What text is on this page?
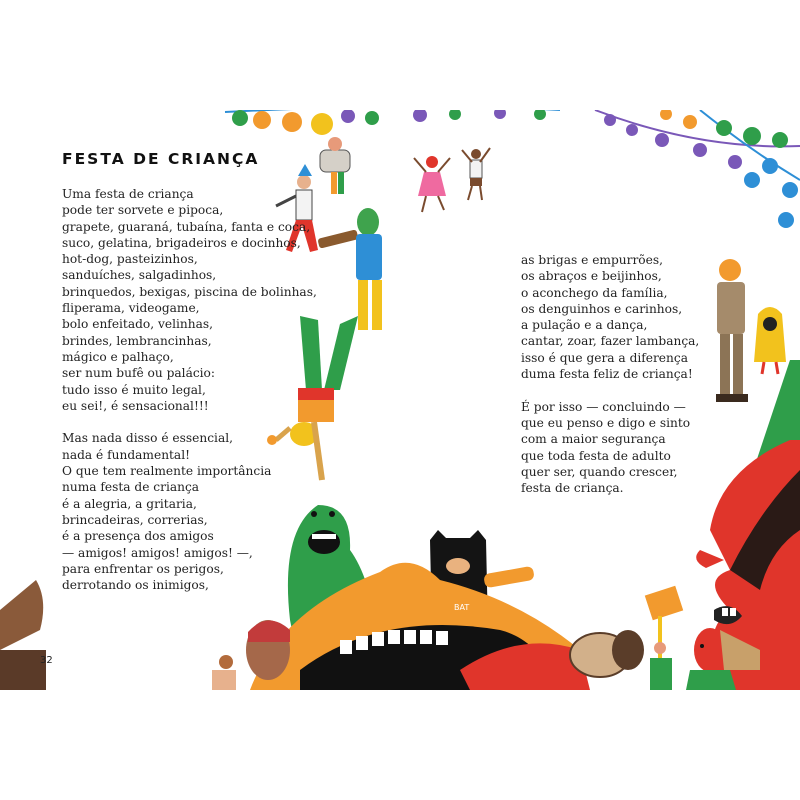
BAT
FESTA DE CRIANÇA
Uma festa de criança
pode ter sorvete e pipoca,
grapete, guaraná, tubaína, fanta e coca,
suco, gelatina, brigadeiros e docinhos,
hot-dog, pasteizinhos,
sanduíches, salgadinhos,
brinquedos, bexigas, piscina de bolinhas,
fliperama, videogame,
bolo enfeitado, velinhas,
brindes, lembrancinhas,
mágico e palhaço,
ser num bufê ou palácio:
tudo isso é muito legal,
eu sei!, é sensacional!!!
Mas nada disso é essencial,
nada é fundamental!
O que tem realmente importância
numa festa de criança
é a alegria, a gritaria,
brincadeiras, correrias,
é a presença dos amigos
— amigos! amigos! amigos! —,
para enfrentar os perigos,
derrotando os inimigos,
as brigas e empurrões,
os abraços e beijinhos,
o aconchego da família,
os denguinhos e carinhos,
a pulação e a dança,
cantar, zoar, fazer lambança,
isso é que gera a diferença
duma festa feliz de criança!
É por isso — concluindo —
que eu penso e digo e sinto
com a maior segurança
que toda festa de adulto
quer ser, quando crescer,
festa de criança.
32
